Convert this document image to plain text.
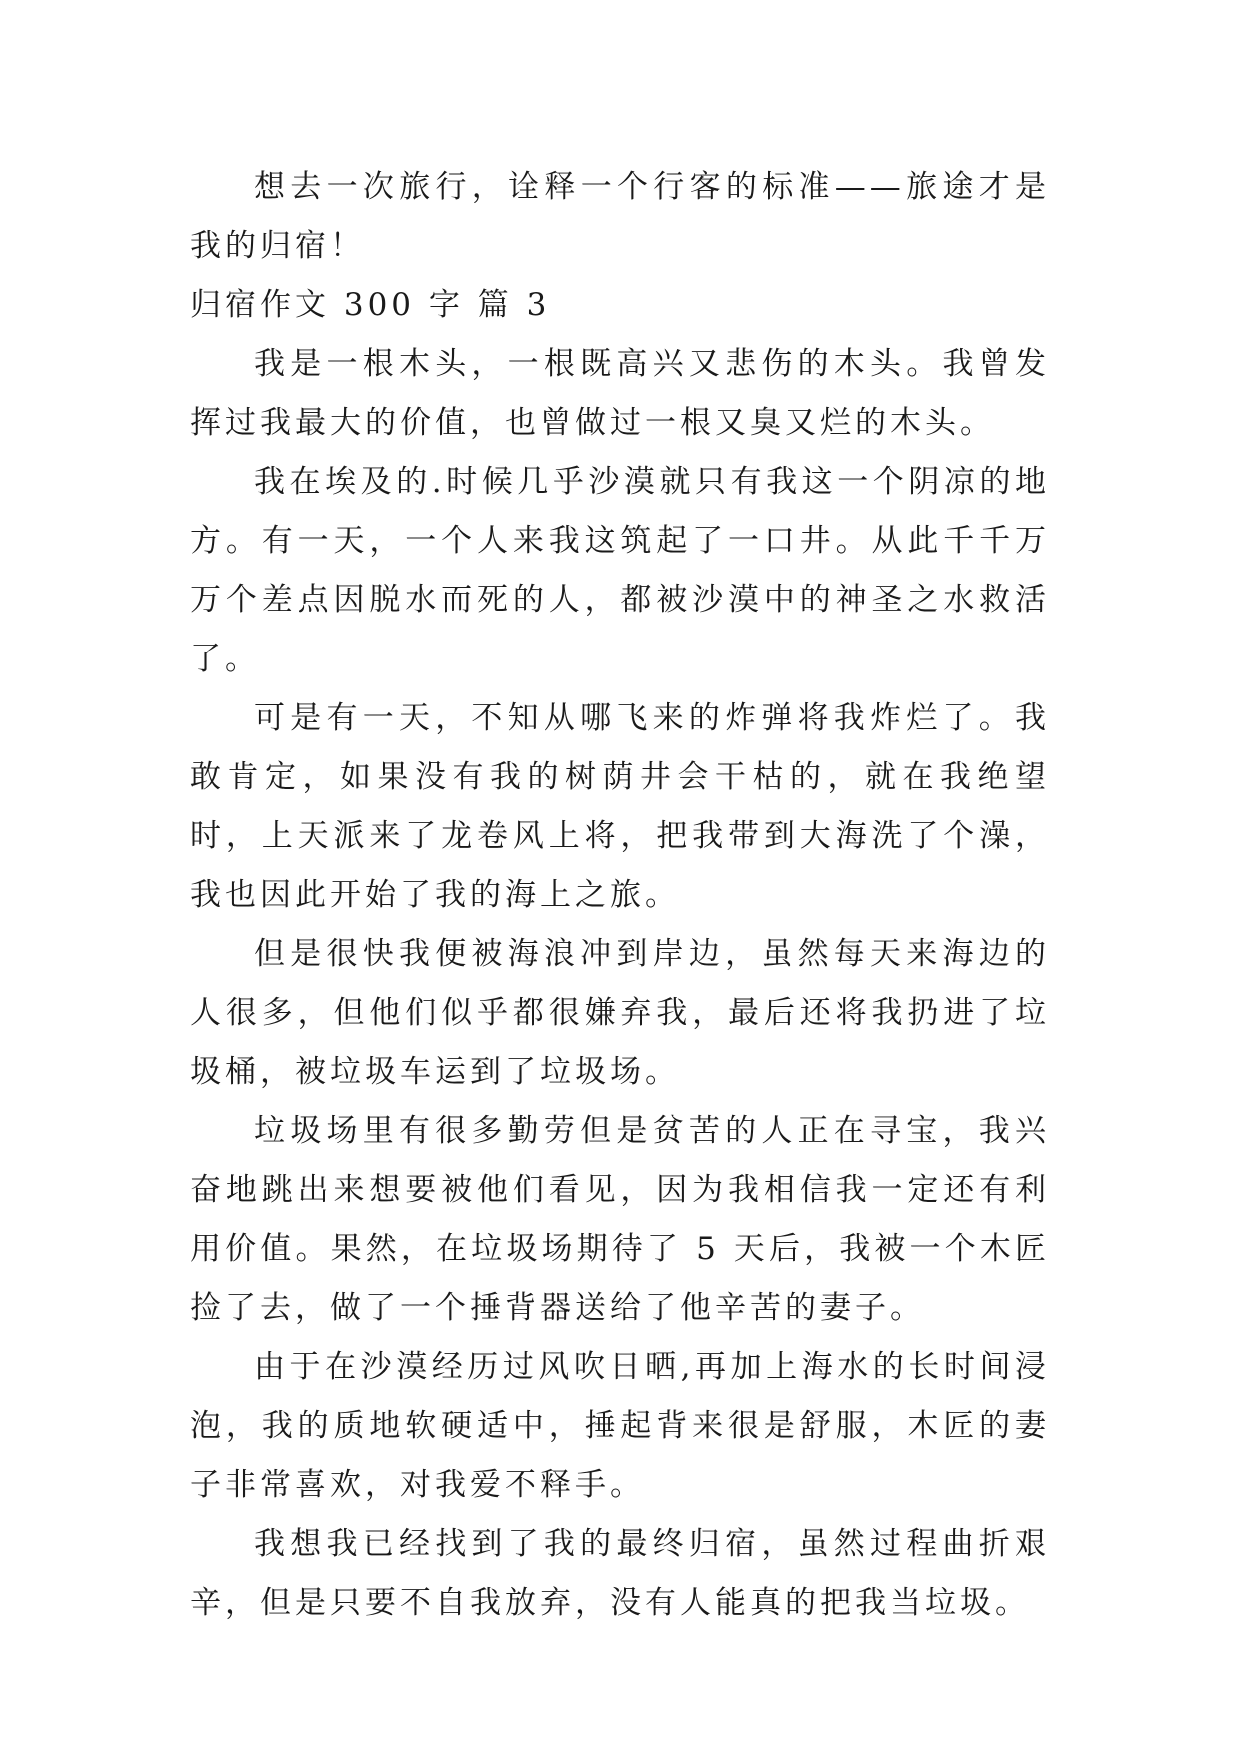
想去一次旅行，诠释一个行客的标准——旅途才是我的归宿！

归宿作文 300 字 篇 3

我是一根木头，一根既高兴又悲伤的木头。我曾发挥过我最大的价值，也曾做过一根又臭又烂的木头。

我在埃及的.时候几乎沙漠就只有我这一个阴凉的地方。有一天，一个人来我这筑起了一口井。从此千千万万个差点因脱水而死的人，都被沙漠中的神圣之水救活了。

可是有一天，不知从哪飞来的炸弹将我炸烂了。我敢肯定，如果没有我的树荫井会干枯的，就在我绝望时，上天派来了龙卷风上将，把我带到大海洗了个澡，我也因此开始了我的海上之旅。

但是很快我便被海浪冲到岸边，虽然每天来海边的人很多，但他们似乎都很嫌弃我，最后还将我扔进了垃圾桶，被垃圾车运到了垃圾场。

垃圾场里有很多勤劳但是贫苦的人正在寻宝，我兴奋地跳出来想要被他们看见，因为我相信我一定还有利用价值。果然，在垃圾场期待了 5 天后，我被一个木匠捡了去，做了一个捶背器送给了他辛苦的妻子。

由于在沙漠经历过风吹日晒,再加上海水的长时间浸泡，我的质地软硬适中，捶起背来很是舒服，木匠的妻子非常喜欢，对我爱不释手。

我想我已经找到了我的最终归宿，虽然过程曲折艰辛，但是只要不自我放弃，没有人能真的把我当垃圾。
